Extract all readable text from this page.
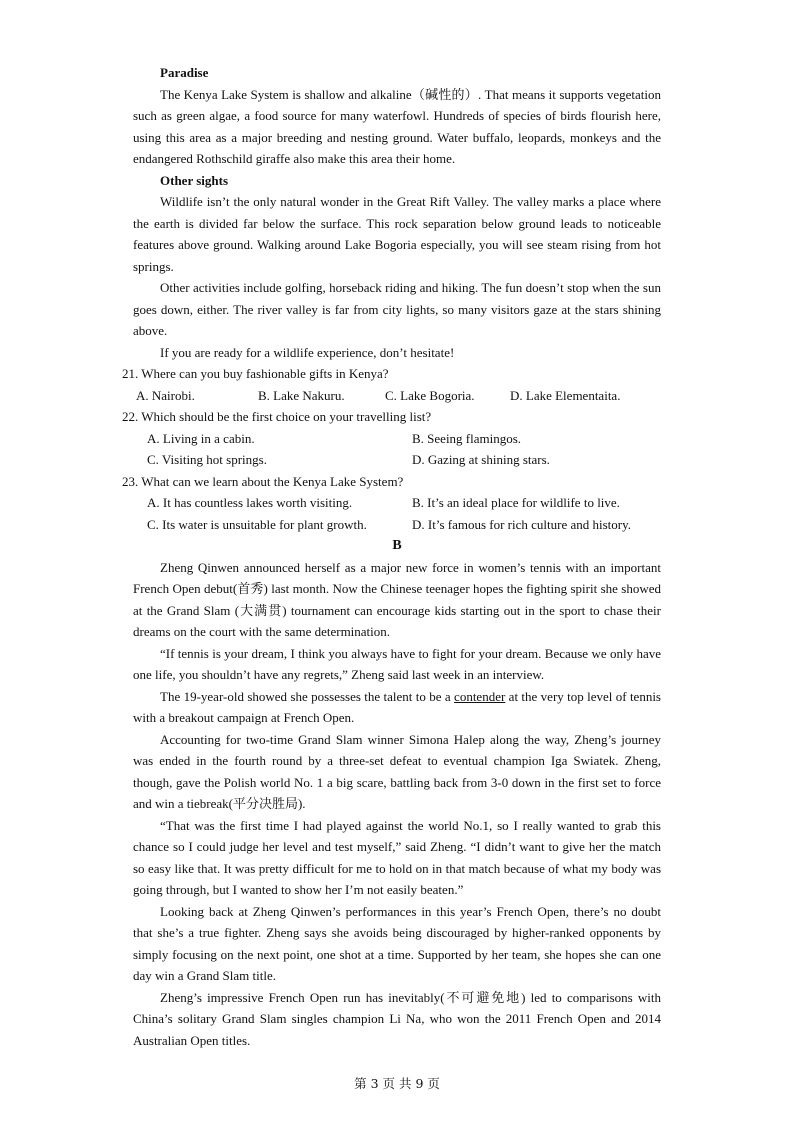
Paradise

The Kenya Lake System is shallow and alkaline（碱性的）. That means it supports vegetation such as green algae, a food source for many waterfowl. Hundreds of species of birds flourish here, using this area as a major breeding and nesting ground. Water buffalo, leopards, monkeys and the endangered Rothschild giraffe also make this area their home.

Other sights

Wildlife isn’t the only natural wonder in the Great Rift Valley. The valley marks a place where the earth is divided far below the surface. This rock separation below ground leads to noticeable features above ground. Walking around Lake Bogoria especially, you will see steam rising from hot springs.

Other activities include golfing, horseback riding and hiking. The fun doesn’t stop when the sun goes down, either. The river valley is far from city lights, so many visitors gaze at the stars shining above.

If you are ready for a wildlife experience, don’t hesitate!

21. Where can you buy fashionable gifts in Kenya?

A. Nairobi.	B. Lake Nakuru.	C. Lake Bogoria.	D. Lake Elementaita.

22. Which should be the first choice on your travelling list?

A. Living in a cabin.	B. Seeing flamingos.
C. Visiting hot springs.	D. Gazing at shining stars.

23. What can we learn about the Kenya Lake System?

A. It has countless lakes worth visiting.	B. It’s an ideal place for wildlife to live.
C. Its water is unsuitable for plant growth.	D. It’s famous for rich culture and history.
B

Zheng Qinwen announced herself as a major new force in women’s tennis with an important French Open debut(首秀) last month. Now the Chinese teenager hopes the fighting spirit she showed at the Grand Slam (大满贯) tournament can encourage kids starting out in the sport to chase their dreams on the court with the same determination.

“If tennis is your dream, I think you always have to fight for your dream. Because we only have one life, you shouldn’t have any regrets,” Zheng said last week in an interview.

The 19-year-old showed she possesses the talent to be a contender at the very top level of tennis with a breakout campaign at French Open.

Accounting for two-time Grand Slam winner Simona Halep along the way, Zheng’s journey was ended in the fourth round by a three-set defeat to eventual champion Iga Swiatek. Zheng, though, gave the Polish world No. 1 a big scare, battling back from 3-0 down in the first set to force and win a tiebreak(平分决胜局).

“That was the first time I had played against the world No.1, so I really wanted to grab this chance so I could judge her level and test myself,” said Zheng. “I didn’t want to give her the match so easy like that. It was pretty difficult for me to hold on in that match because of what my body was going through, but I wanted to show her I’m not easily beaten.”

Looking back at Zheng Qinwen’s performances in this year’s French Open, there’s no doubt that she’s a true fighter. Zheng says she avoids being discouraged by higher-ranked opponents by simply focusing on the next point, one shot at a time. Supported by her team, she hopes she can one day win a Grand Slam title.

Zheng’s impressive French Open run has inevitably(不可避免地) led to comparisons with China’s solitary Grand Slam singles champion Li Na, who won the 2011 French Open and 2014 Australian Open titles.

第 3 页 共 9 页
